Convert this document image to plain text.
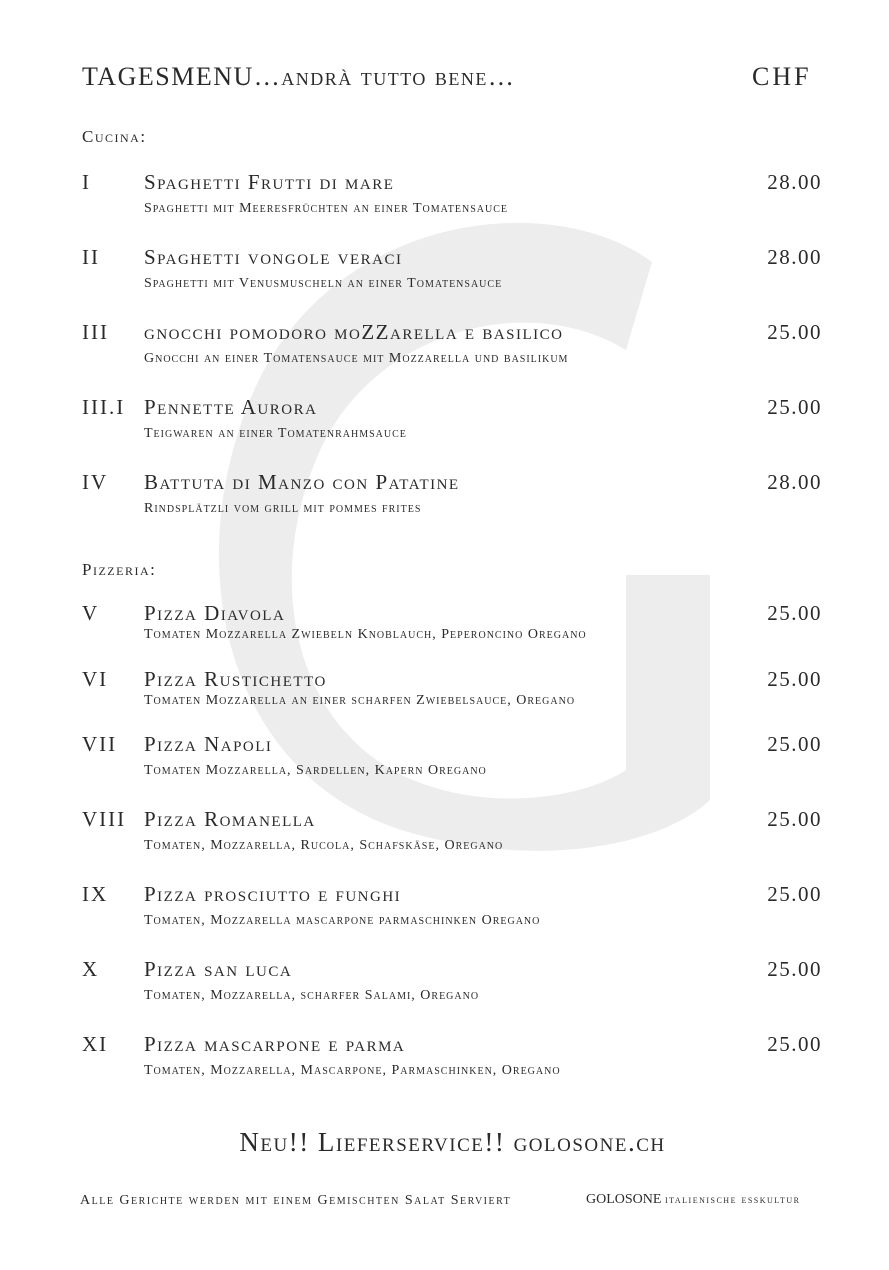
TAGESMENU…andrà tutto bene…	CHF
Cucina:
I	Spaghetti Frutti di mare	28.00
Spaghetti mit Meeresfrüchten an einer Tomatensauce
II Spaghetti vongole veraci	28.00
Spaghetti mit Venusmuscheln an einer Tomatensauce
III gnocchi pomodoro moZZarella e basilico	25.00
Gnocchi an einer Tomatensauce mit Mozzarella und basilikum
III.I Pennette Aurora	25.00
Teigwaren an einer Tomatenrahmsauce
IV Battuta di Manzo con Patatine	28.00
Rindsplätzli vom grill mit pommes frites
Pizzeria:
V Pizza Diavola	25.00
Tomaten Mozzarella Zwiebeln Knoblauch, Peperoncino Oregano
VI Pizza Rustichetto	25.00
Tomaten Mozzarella an einer scharfen Zwiebelsauce, Oregano
VII Pizza Napoli	25.00
Tomaten Mozzarella, Sardellen, Kapern Oregano
VIII Pizza Romanella	25.00
Tomaten, Mozzarella, Rucola, Schafskäse, Oregano
IX Pizza prosciutto e funghi	25.00
Tomaten, Mozzarella mascarpone parmaschinken Oregano
X Pizza san luca	25.00
Tomaten, Mozzarella, scharfer Salami, Oregano
XI Pizza mascarpone e parma	25.00
Tomaten, Mozzarella, Mascarpone, Parmaschinken, Oregano
Neu!! Lieferservice!! golosone.ch
Alle Gerichte werden mit einem Gemischten Salat Serviert	GOLOSONE italienische esskultur
